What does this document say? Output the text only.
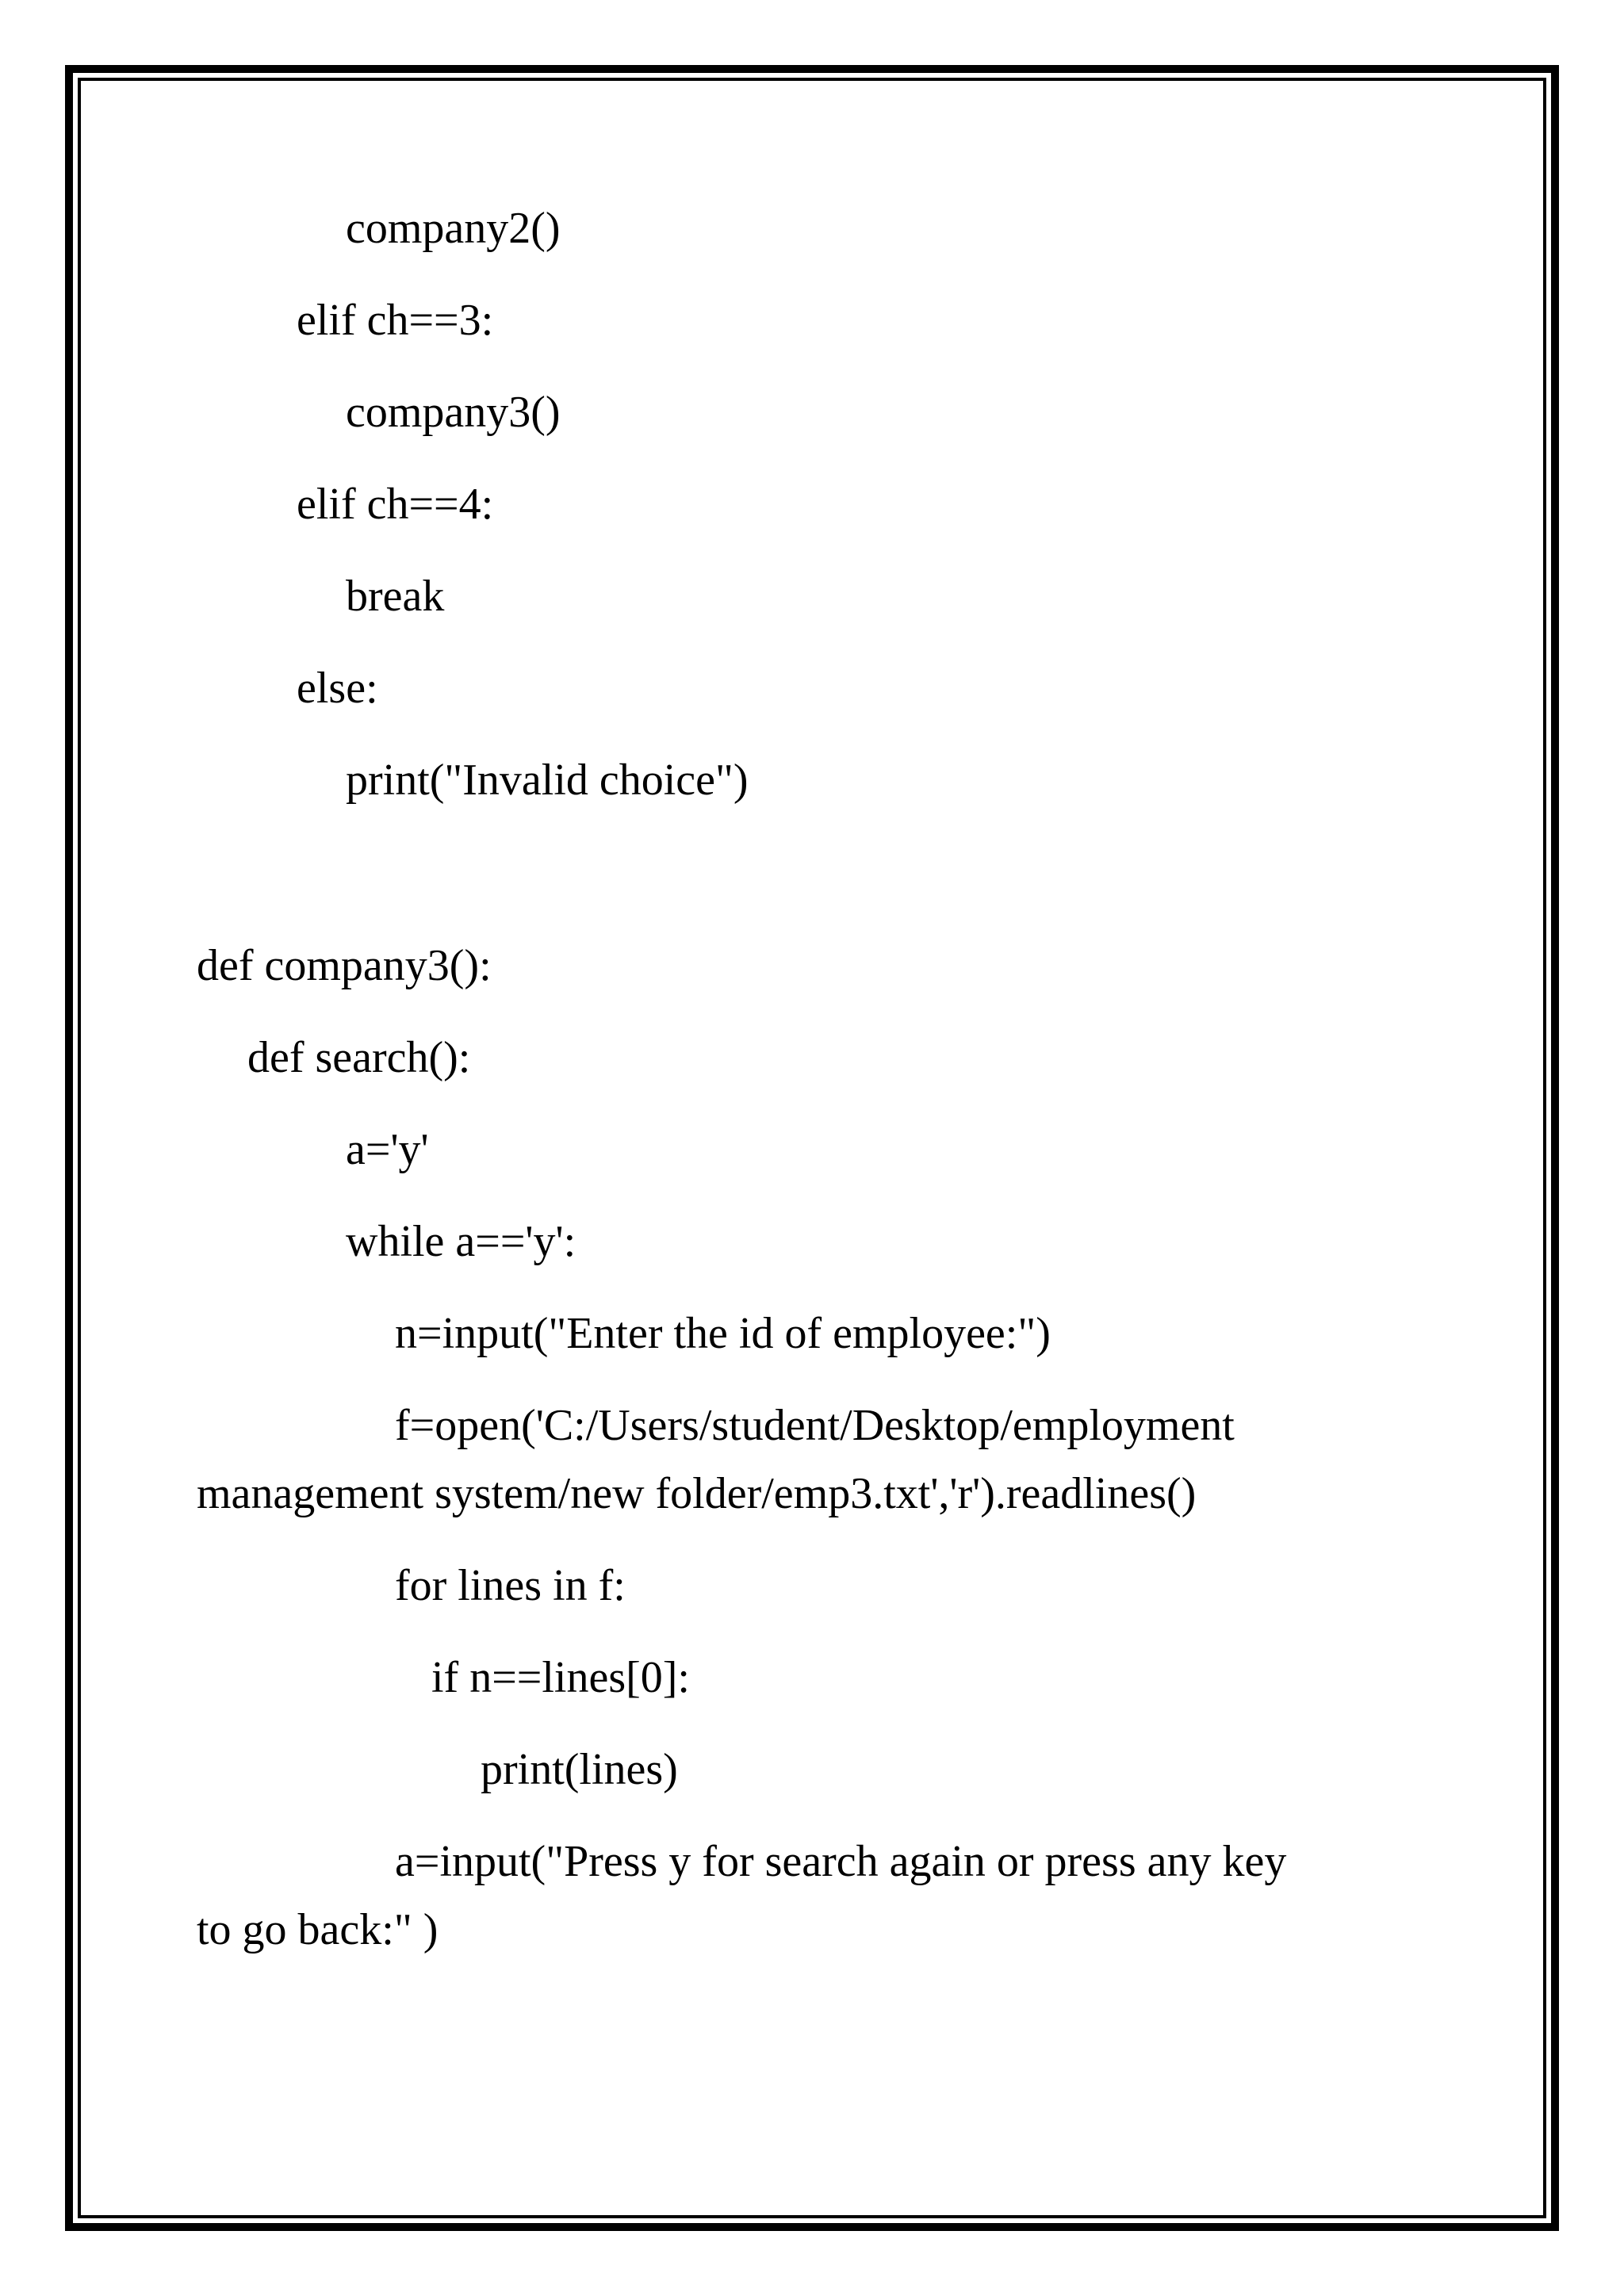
company2()
elif ch==3:
company3()
elif ch==4:
break
else:
print("Invalid choice")
def company3():
def search():
a='y'
while a=='y':
n=input("Enter the id of employee:")
f=open('C:/Users/student/Desktop/employment
management system/new folder/emp3.txt','r').readlines()
for lines in f:
if n==lines[0]:
print(lines)
a=input("Press y for search again or press any key
to go back:" )
